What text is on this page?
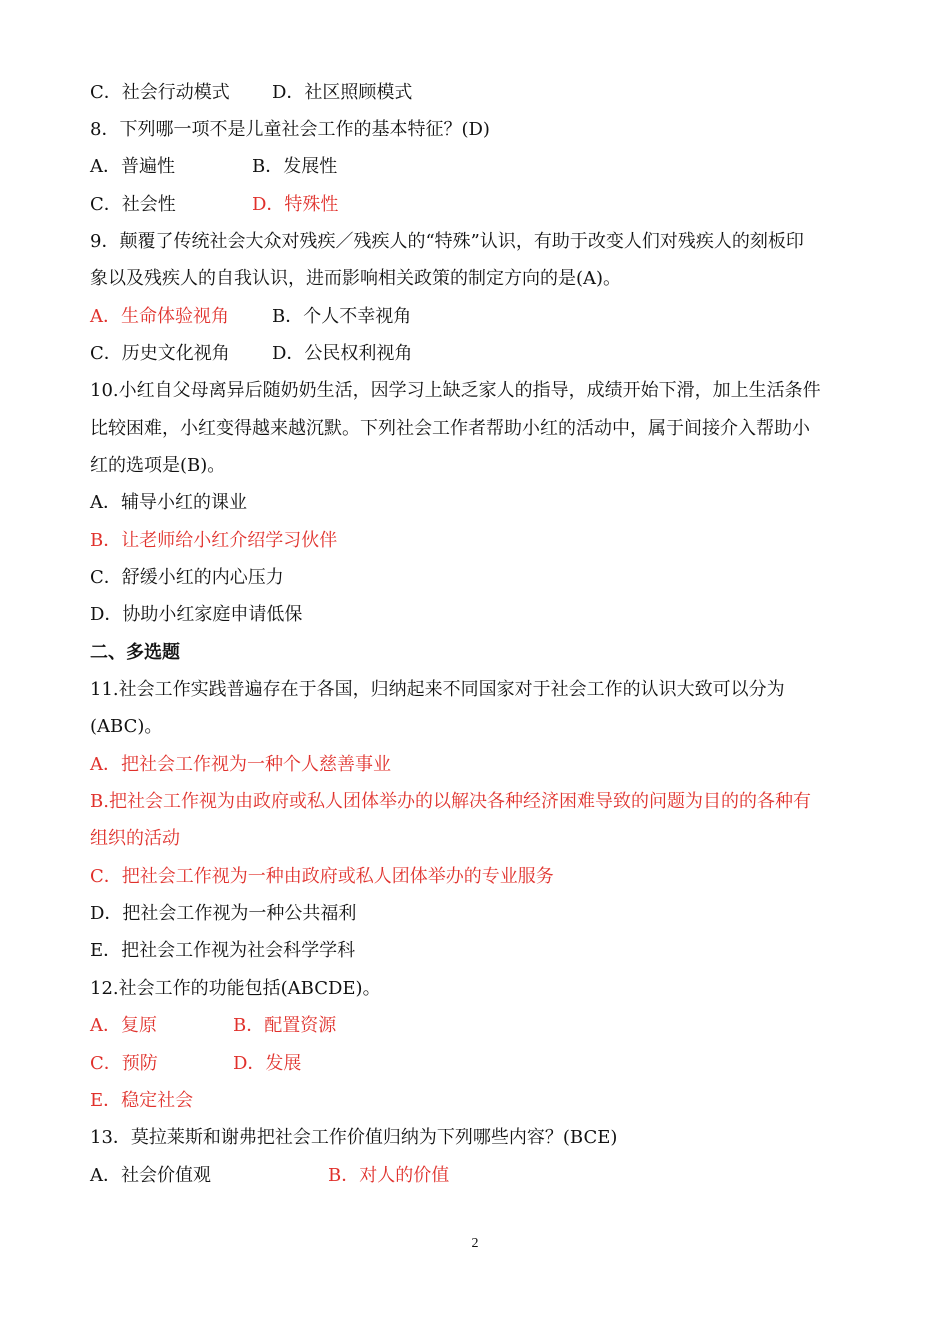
C．社会行动模式 D．社区照顾模式
8．下列哪一项不是儿童社会工作的基本特征？(D)
A．普遍性	B．发展性
C．社会性	D．特殊性
9．颠覆了传统社会大众对残疾／残疾人的“特殊”认识，有助于改变人们对残疾人的刻板印
象以及残疾人的自我认识，进而影响相关政策的制定方向的是(A)。
A．生命体验视角 B．个人不幸视角
C．历史文化视角 D．公民权利视角
10.小红自父母离异后随奶奶生活，因学习上缺乏家人的指导，成绩开始下滑，加上生活条件
比较困难，小红变得越来越沉默。下列社会工作者帮助小红的活动中，属于间接介入帮助小
红的选项是(B)。
A．辅导小红的课业
B．让老师给小红介绍学习伙伴
C．舒缓小红的内心压力
D．协助小红家庭申请低保
二、多选题
11.社会工作实践普遍存在于各国，归纳起来不同国家对于社会工作的认识大致可以分为
(ABC)。
A．把社会工作视为一种个人慈善事业
B.把社会工作视为由政府或私人团体举办的以解决各种经济困难导致的问题为目的的各种有
组织的活动
C．把社会工作视为一种由政府或私人团体举办的专业服务
D．把社会工作视为一种公共福利
E．把社会工作视为社会科学学科
12.社会工作的功能包括(ABCDE)。
A．复原	B．配置资源
C．预防	D．发展
E．稳定社会
13．莫拉莱斯和谢弗把社会工作价值归纳为下列哪些内容？(BCE)
A．社会价值观	B．对人的价值
2
